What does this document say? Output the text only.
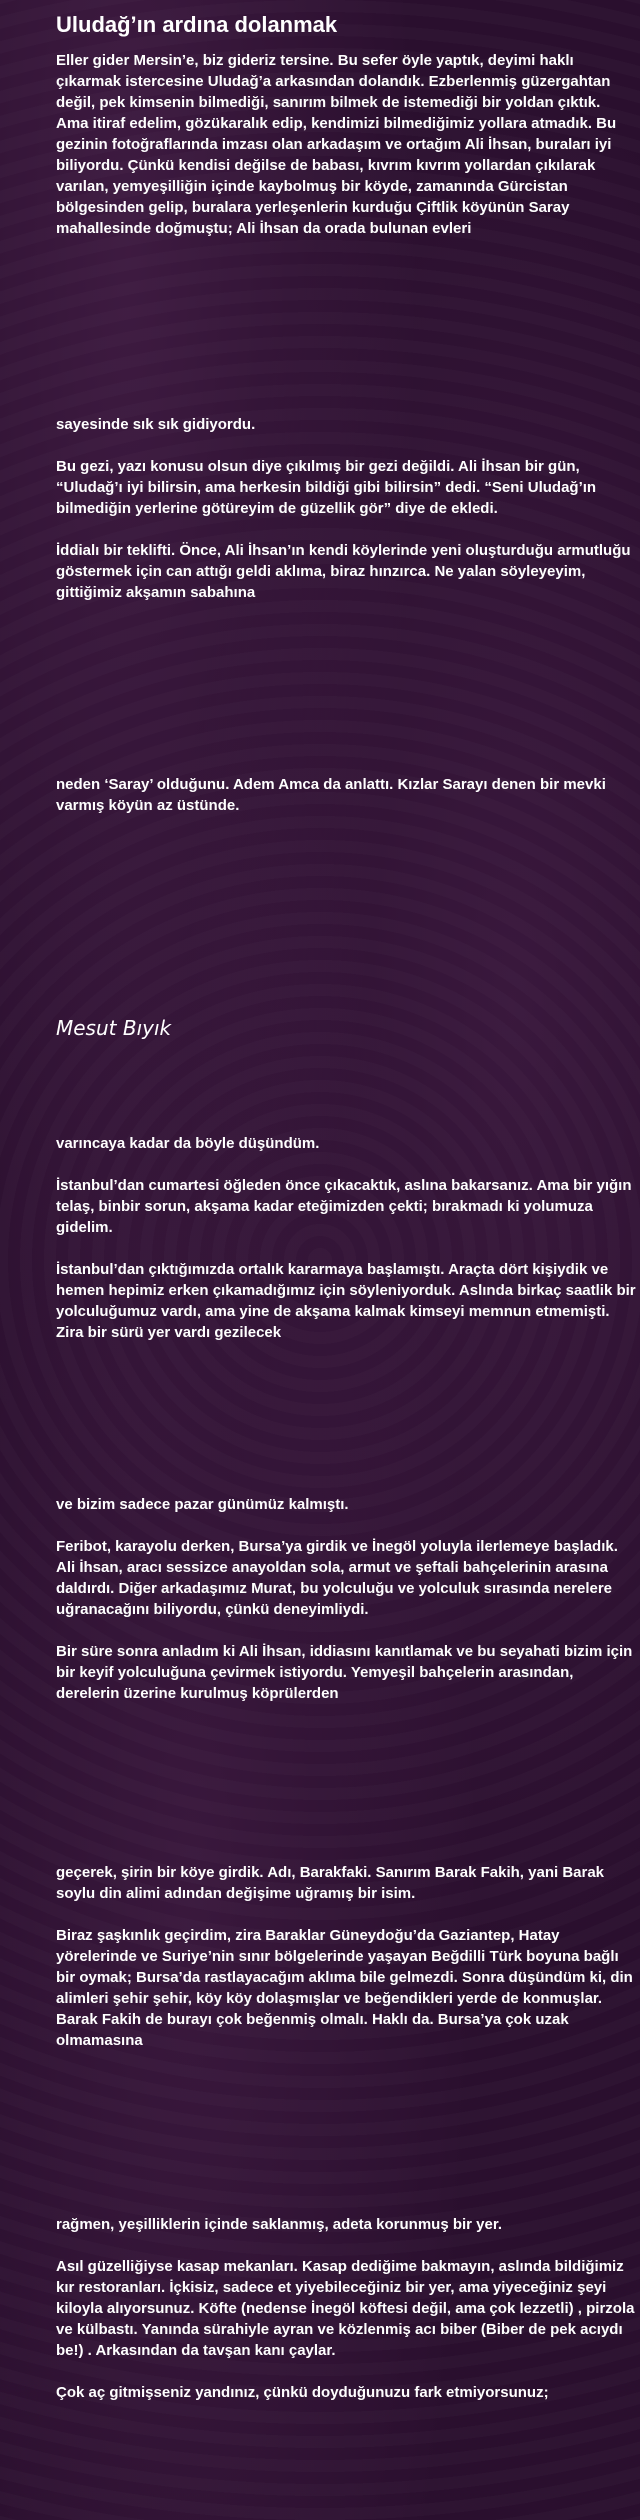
Uludağ’ın ardına dolanmak

Eller gider Mersin’e, biz gideriz tersine. Bu sefer öyle yaptık, deyimi haklı çıkarmak istercesine Uludağ’a arkasından dolandık. Ezberlenmiş güzergahtan değil, pek kimsenin bilmediği, sanırım bilmek de istemediği bir yoldan çıktık. Ama itiraf edelim, gözükaralık edip, kendimizi bilmediğimiz yollara atmadık. Bu gezinin fotoğraflarında imzası olan arkadaşım ve ortağım Ali İhsan, buraları iyi biliyordu. Çünkü kendisi değilse de babası, kıvrım kıvrım yollardan çıkılarak varılan, yemyeşilliğin içinde kaybolmuş bir köyde, zamanında Gürcistan bölgesinden gelip, buralara yerleşenlerin kurduğu Çiftlik köyünün Saray mahallesinde doğmuştu; Ali İhsan da orada bulunan evleri

sayesinde sık sık gidiyordu.

Bu gezi, yazı konusu olsun diye çıkılmış bir gezi değildi. Ali İhsan bir gün, “Uludağ’ı iyi bilirsin, ama herkesin bildiği gibi bilirsin” dedi. “Seni Uludağ’ın bilmediğin yerlerine götüreyim de güzellik gör” diye de ekledi.

İddialı bir teklifti. Önce, Ali İhsan’ın kendi köylerinde yeni oluşturduğu armutluğu göstermek için can attığı geldi aklıma, biraz hınzırca. Ne yalan söyleyeyim, gittiğimiz akşamın sabahına

neden ‘Saray’ olduğunu. Adem Amca da anlattı. Kızlar Sarayı denen bir mevki varmış köyün az üstünde.

Mesut Bıyık

varıncaya kadar da böyle düşündüm.

İstanbul’dan cumartesi öğleden önce çıkacaktık, aslına bakarsanız. Ama bir yığın telaş, binbir sorun, akşama kadar eteğimizden çekti; bırakmadı ki yolumuza gidelim.

İstanbul’dan çıktığımızda ortalık kararmaya başlamıştı. Araçta dört kişiydik ve hemen hepimiz erken çıkamadığımız için söyleniyorduk. Aslında birkaç saatlik bir yolculuğumuz vardı, ama yine de akşama kalmak kimseyi memnun etmemişti. Zira bir sürü yer vardı gezilecek

ve bizim sadece pazar günümüz kalmıştı.

Feribot, karayolu derken, Bursa’ya girdik ve İnegöl yoluyla ilerlemeye başladık. Ali İhsan, aracı sessizce anayoldan sola, armut ve şeftali bahçelerinin arasına daldırdı. Diğer arkadaşımız Murat, bu yolculuğu ve yolculuk sırasında nerelere uğranacağını biliyordu, çünkü deneyimliydi.

Bir süre sonra anladım ki Ali İhsan, iddiasını kanıtlamak ve bu seyahati bizim için bir keyif yolculuğuna çevirmek istiyordu. Yemyeşil bahçelerin arasından, derelerin üzerine kurulmuş köprülerden

geçerek, şirin bir köye girdik. Adı, Barakfaki. Sanırım Barak Fakih, yani Barak soylu din alimi adından değişime uğramış bir isim.

Biraz şaşkınlık geçirdim, zira Baraklar Güneydoğu’da Gaziantep, Hatay yörelerinde ve Suriye’nin sınır bölgelerinde yaşayan Beğdilli Türk boyuna bağlı bir oymak; Bursa’da rastlayacağım aklıma bile gelmezdi. Sonra düşündüm ki, din alimleri şehir şehir, köy köy dolaşmışlar ve beğendikleri yerde de konmuşlar. Barak Fakih de burayı çok beğenmiş olmalı. Haklı da. Bursa’ya çok uzak olmamasına

rağmen, yeşilliklerin içinde saklanmış, adeta korunmuş bir yer.

Asıl güzelliğiyse kasap mekanları. Kasap dediğime bakmayın, aslında bildiğimiz kır restoranları. İçkisiz, sadece et yiyebileceğiniz bir yer, ama yiyeceğiniz şeyi kiloyla alıyorsunuz. Köfte (nedense İnegöl köftesi değil, ama çok lezzetli) , pirzola ve külbastı. Yanında sürahiyle ayran ve közlenmiş acı biber (Biber de pek acıydı be!) . Arkasından da tavşan kanı çaylar.

Çok aç gitmişseniz yandınız, çünkü doyduğunuzu fark etmiyorsunuz;
